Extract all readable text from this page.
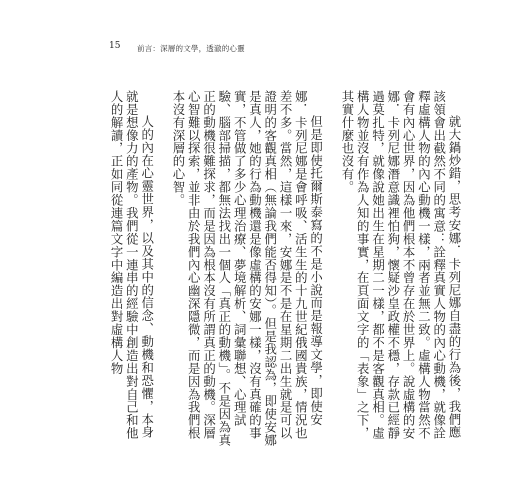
15 前言：深層的文學，透澈的心靈

就大鍋炒錯，思考安娜．卡列尼娜自盡的行為後，我們應該領會出截然不同的寓意：詮釋真實人物的內心動機，就像詮釋虛構人物的內心動機一樣，兩者並無二致。虛構人物當然不會有內心世界，因為他們根本不曾存在於世界上。說虛構的安娜．卡列尼娜潛意識裡怕狗，懷疑沙皇政權不穩，存款已經靜過莫扎特，就像說她出生在星期二一樣，都不是客觀真相。虛構人物並沒有作為人知的事實，在頁面文字的「表象」之下，其實什麼也沒有。

但是即使托爾斯泰寫的不是小說而是報導文學，即使安娜．卡列尼娜是會呼吸、活生生的十九世紀俄國貴族，情況也差不多。當然，這樣一來，安娜是不是在星期二出生就是可以證明的客觀真相（無論我們能否得知）。但是我認為，即使安娜是真人，她的行為動機還是像虛構的安娜一樣，沒有真確的事實，不管做了多少心理治療、夢境解析、詞彙聯想、心理試驗、腦部掃描，都無法找出一個人「真正的動機」。不是因為真正的動機很難探求，而是因為根本沒有所謂真正的動機。深層心智難以探索，並非由於我們內心幽深隱微，而是因為我們根本沒有深層的心智。

人的內在心靈世界，以及其中的信念、動機和恐懼，本身就是想像力的產物。我們從一連串的經驗中創造出對自己和他人的解讀，正如同從連篇文字中編造出對虛構人物
